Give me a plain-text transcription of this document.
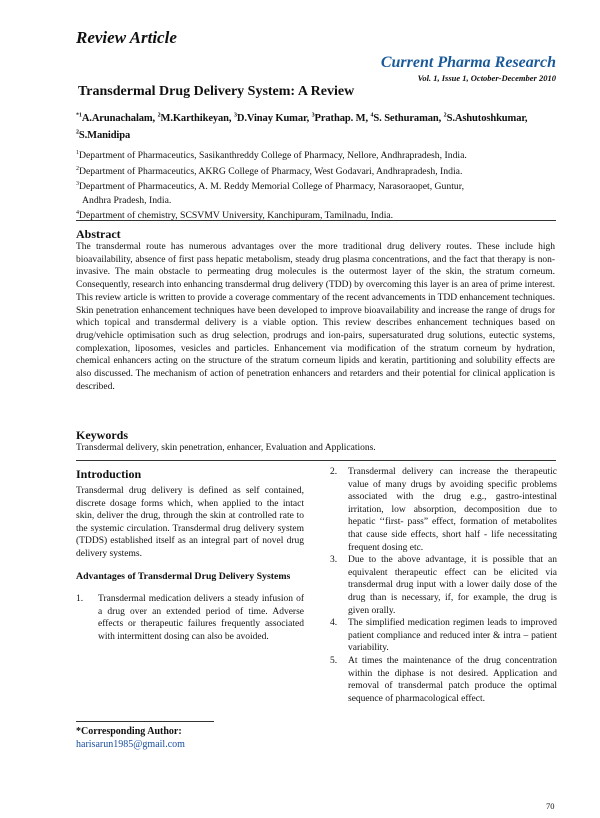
Review Article
Current Pharma Research
Vol. 1, Issue 1, October-December 2010
Transdermal Drug Delivery System: A Review
$^{*1}$A.Arunachalam, $^2$M.Karthikeyan, $^3$D.Vinay Kumar, $^3$Prathap. M, $^4$S. Sethuraman, $^2$S.Ashutoshkumar,
$^2$S.Manidipa
$^1$Department of Pharmaceutics, Sasikanthreddy College of Pharmacy, Nellore, Andhrapradesh, India.
$^2$Department of Pharmaceutics, AKRG College of Pharmacy, West Godavari, Andhrapradesh, India.
$^3$Department of Pharmaceutics, A. M. Reddy Memorial College of Pharmacy, Narasoraopet, Guntur,
Andhra Pradesh, India.
$^4$Department of chemistry, SCSVMV University, Kanchipuram, Tamilnadu, India.
Abstract
The transdermal route has numerous advantages over the more traditional drug delivery routes. These include high bioavailability, absence of first pass hepatic metabolism, steady drug plasma concentrations, and the fact that therapy is non-invasive. The main obstacle to permeating drug molecules is the outermost layer of the skin, the stratum corneum. Consequently, research into enhancing transdermal drug delivery (TDD) by overcoming this layer is an area of prime interest. This review article is written to provide a coverage commentary of the recent advancements in TDD enhancement techniques. Skin penetration enhancement techniques have been developed to improve bioavailability and increase the range of drugs for which topical and transdermal delivery is a viable option. This review describes enhancement techniques based on drug/vehicle optimisation such as drug selection, prodrugs and ion-pairs, supersaturated drug solutions, eutectic systems, complexation, liposomes, vesicles and particles. Enhancement via modification of the stratum corneum by hydration, chemical enhancers acting on the structure of the stratum corneum lipids and keratin, partitioning and solubility effects are also discussed. The mechanism of action of penetration enhancers and retarders and their potential for clinical application is described.
Keywords
Transdermal delivery, skin penetration, enhancer, Evaluation and Applications.
Introduction
Transdermal drug delivery is defined as self contained, discrete dosage forms which, when applied to the intact skin, deliver the drug, through the skin at controlled rate to the systemic circulation. Transdermal drug delivery system (TDDS) established itself as an integral part of novel drug delivery systems.
Advantages of Transdermal Drug Delivery Systems
1.	Transdermal medication delivers a steady infusion of a drug over an extended period of time. Adverse effects or therapeutic failures frequently associated with intermittent dosing can also be avoided.
2.	Transdermal delivery can increase the therapeutic value of many drugs by avoiding specific problems associated with the drug e.g., gastro-intestinal irritation, low absorption, decomposition due to hepatic ‘‘first- pass” effect, formation of metabolites that cause side effects, short half - life necessitating frequent dosing etc.
3.	Due to the above advantage, it is possible that an equivalent therapeutic effect can be elicited via transdermal drug input with a lower daily dose of the drug than is necessary, if, for example, the drug is given orally.
4.	The simplified medication regimen leads to improved patient compliance and reduced inter & intra – patient variability.
5.	At times the maintenance of the drug concentration within the diphase is not desired. Application and removal of transdermal patch produce the optimal sequence of pharmacological effect.
*Corresponding Author:
harisarun1985@gmail.com
70
